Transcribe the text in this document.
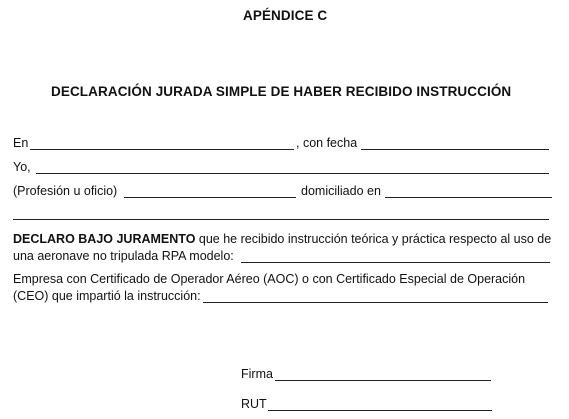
APÉNDICE C
DECLARACIÓN JURADA SIMPLE DE HABER RECIBIDO INSTRUCCIÓN
En	, con fecha
Yo,
(Profesión u oficio)	domiciliado en
DECLARO BAJO JURAMENTO que he recibido instrucción teórica y práctica respecto al uso de
una aeronave no tripulada RPA modelo:
Empresa con Certificado de Operador Aéreo (AOC) o con Certificado Especial de Operación
(CEO) que impartió la instrucción:
Firma
RUT
